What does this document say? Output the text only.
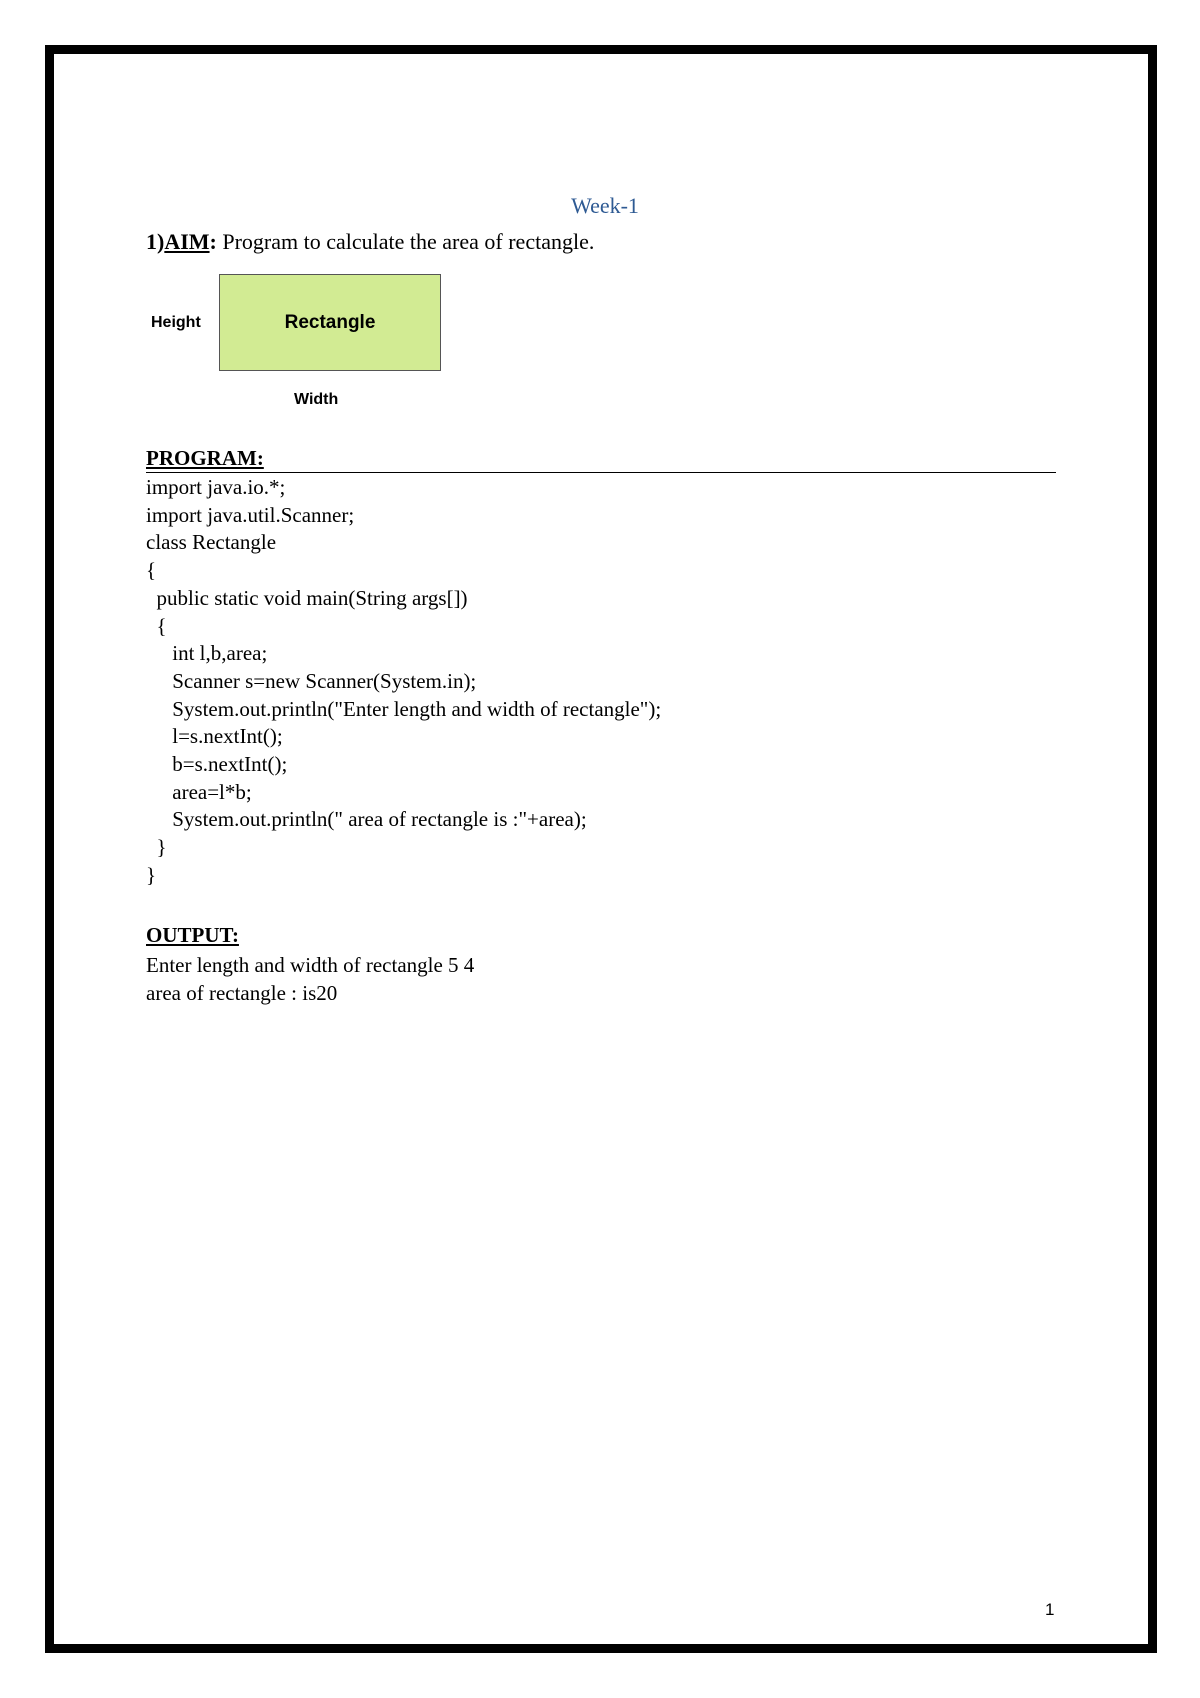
Week-1
1)AIM: Program to calculate the area of rectangle.
Height	Rectangle
Width
PROGRAM:
import java.io.*;
import java.util.Scanner;
class Rectangle
{
public static void main(String args[])
{
int l,b,area;
Scanner s=new Scanner(System.in);
System.out.println("Enter length and width of rectangle");
l=s.nextInt();
b=s.nextInt();
area=l*b;
System.out.println(" area of rectangle is :"+area);
}
}
OUTPUT:
Enter length and width of rectangle 5 4
area of rectangle : is20
1
